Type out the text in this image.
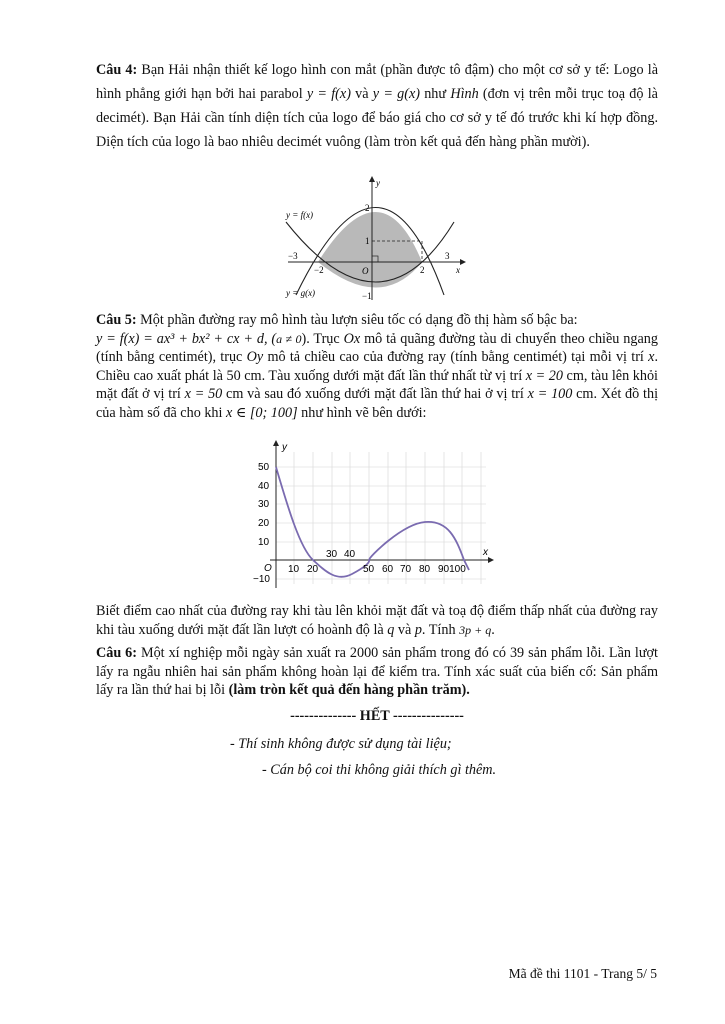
Câu 4: Bạn Hải nhận thiết kế logo hình con mắt (phần được tô đậm) cho một cơ sở y tế: Logo là hình phẳng giới hạn bởi hai parabol y = f(x) và y = g(x) như Hình (đơn vị trên mỗi trục toạ độ là decimét). Bạn Hải cần tính diện tích của logo để báo giá cho cơ sở y tế đó trước khi kí hợp đồng. Diện tích của logo là bao nhiêu decimét vuông (làm tròn kết quả đến hàng phần mười).
y = f(x)
y = g(x)
y
x
O
−3
−2	2
3
2
1
−1
Câu 5: Một phần đường ray mô hình tàu lượn siêu tốc có dạng đồ thị hàm số bậc ba:
y = f(x) = ax³ + bx² + cx + d, (a ≠ 0). Trục Ox mô tả quãng đường tàu di chuyển theo chiều ngang (tính bằng centimét), trục Oy mô tả chiều cao của đường ray (tính bằng centimét) tại mỗi vị trí x. Chiều cao xuất phát là 50 cm. Tàu xuống dưới mặt đất lần thứ nhất từ vị trí x = 20 cm, tàu lên khỏi mặt đất ở vị trí x = 50 cm và sau đó xuống dưới mặt đất lần thứ hai ở vị trí x = 100 cm. Xét đồ thị của hàm số đã cho khi x ∈ [0; 100] như hình vẽ bên dưới:
y
x
O
50
40
30
20
10
−10
10 20	50 60 70 80 90100
30 40
Biết điểm cao nhất của đường ray khi tàu lên khỏi mặt đất và toạ độ điểm thấp nhất của đường ray khi tàu xuống dưới mặt đất lần lượt có hoành độ là q và p. Tính 3p + q.
Câu 6: Một xí nghiệp mỗi ngày sản xuất ra 2000 sản phẩm trong đó có 39 sản phẩm lỗi. Lần lượt lấy ra ngẫu nhiên hai sản phẩm không hoàn lại để kiểm tra. Tính xác suất của biến cố: Sản phẩm lấy ra lần thứ hai bị lỗi (làm tròn kết quả đến hàng phần trăm).
-------------- HẾT ---------------
- Thí sinh không được sử dụng tài liệu;
- Cán bộ coi thi không giải thích gì thêm.
Mã đề thi 1101 - Trang 5/ 5
